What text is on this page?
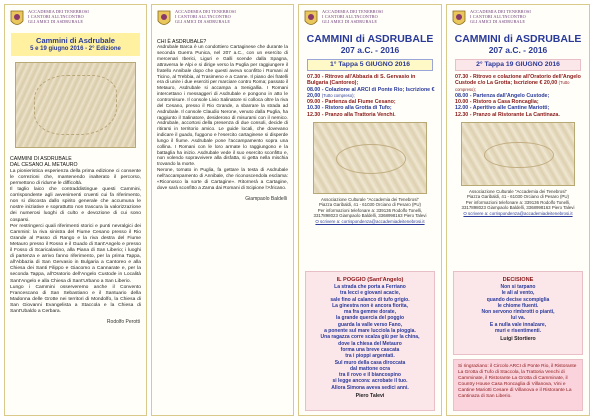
ACCADEMIA DEI TENEBROSI
I CANTORI ALL'INCONTRO
GLI AMICI DI ASDRUBALE
Cammini di Asdrubale
5 e 19 giugno 2016 - 2° Edizione
CAMMINI DI ASDRUBALE
DAL CESANO AL METAURO

La pionieristica esperienza della prima edizione ci consente le correzioni che, mantenendo inalterato il percorso, permettono di ridurne le difficoltà.

Il taglio laico che contraddistingue questi Cammini, corrispondente agli avvenimenti cruenti cui fa riferimento, non si discosta dallo spirito generale che accumuna le nostre iniziative e soprattutto non trascura la valorizzazione dei numerosi luoghi di culto e devozione di cui sono cosparsi.

Per restringerci quali riferimenti storici e punti nevralgici dei Cammini: la riva sinistra del Fiume Cesano presso il Rio Grande al Passo di Rango e la riva destra del Fiume Metauro presso il Rosso e il Guado di Sant'Angelo e presso il Fosso di Scaricalasino, alla Piana di San Liberio; i luoghi di partenza e arrivo fanno riferimento, per la prima Tappa, all'Abbazia di San Gervasio in Bulgaria a Cantoreo e alla Chiesa dei Santi Filippo e Giacomo a Cannarate e, per la seconda Tappa, all'Oratorio dell'Angelo Custode in Località Sant'Angelo e alla Chiesa di Sant'Urbano a San Liberio.

Lungo i Cammini osserveremo anche il Convento Francescano di San Sebastiano e il Santuario della Madonna delle Grotte nei territori di Mondolfo, la Chiesa di San Giovanni Evangelista a Staccola e la Chiesa di Sant'Ubaldo a Cerbara.

Rodolfo Perotti
ACCADEMIA DEI TENEBROSI
I CANTORI ALL'INCONTRO
GLI AMICI DI ASDRUBALE
CHI È ASDRUBALE?

Asdrubale Barca è un condottiero Cartaginese che durante la seconda Guerra Punica, nel 207 a.C., con un esercito di mercenari Iberici, Liguri e Galli scende dalla Spagna, attraversa le Alpi e si dirige verso la Puglia per raggiungere il fratello Annibale dopo che questi aveva sconfitto i Romani al Ticino, al Trebbia, al Trasimeno e a Canne. Il piano dei fratelli era di unire i due eserciti per marciare contro Roma; passato il Metauro, Asdrubale si accampa a Senigallia. I Romani intercettano i messaggeri di Asdrubale e pongono in atto le contromisure. Il console Livio Salinatore si colloca oltre la riva del Cesano, presso il Rio Grande, a sbarrare la strada ad Asdrubale. Il console Claudio Nerone, venuto dalla Puglia, ha raggiunto il Salinatore, desideroso di misurarsi con il nemico. Asdrubale, accortosi della presenza di due consoli, decide di ritirarsi in territorio amico. Le guide locali, che dovevano indicare il guado, fuggono e l'esercito cartaginese si disperde lungo il fiume. Asdrubale pone l'accampamento sopra una collina. I Romani con le loro armate lo raggiungono e la battaglia ha inizio. Asdrubale vede il suo esercito sconfitto e, non volendo sopravvivere alla disfatta, si getta nella mischia trovando la morte.

Nerone, tornato in Puglia, fa gettare la testa di Asdrubale nell'accampamento di Annibale, che riconoscendola esclama: «Riconosco la sorte di Cartagine». Ritornerà a Cartagine, dove sarà sconfitto a Zama dai Romani di Scipione l'Africano.

Giampaolo Baldelli
ACCADEMIA DEI TENEBROSI
I CANTORI ALL'INCONTRO
GLI AMICI DI ASDRUBALE
CAMMINI di ASDRUBALE
207 a.C. - 2016
1° Tappa 5 GIUGNO 2016
07.30 - Ritrovo all'Abbazia di S. Gervasio in Bulgaria (Cantoreo);
08.00 - Colazione al ARCI di Ponte Rio; Iscrizione € 20,00 (Tutto compreso);
09.00 - Partenza dal Fiume Cesano;
10.30 - Ristoro alla Grotta di Tufo;
12.30 - Pranzo alla Trattoria Venchi.
Associazione Culturale "Accademia dei Tenebrosi"
Piazza Garibaldi, 41 - 61030 Orciano di Pesaro (PU)
Per informazioni telefonare a: 339136 Rodolfo Tonelli, 3317898023 Giampaolo Baldelli, 3368998163 Piero Talevi
O scrivere a: corrispondenza@accademiadeitenebrosi.it
IL POGGIO (Sant'Angelo)
La strada che porta a Ferriano
tra lecci e giovani acacie,
sale fino al calanco di tufo grigio.
La ginestra non è ancora fiorita,
ma fra gemme dorate,
la grande quercia del poggio
guarda la valle verso Fano,
a ponente sul mare lucciola la pioggia.
Una ragazza corre scalza giù per la china,
dove la chiesa del Metauro
forma una breve cascata
tra i pioppi argentati.
Sul muro della casa diroccata
dal mattone ocra
tra il rovo e il biancospino
si legge ancora: acrobate il tuo.
Allora Simona aveva sedici anni.
Piero Talevi
ACCADEMIA DEI TENEBROSI
I CANTORI ALL'INCONTRO
GLI AMICI DI ASDRUBALE
CAMMINI di ASDRUBALE
207 a.C. - 2016
2° Tappa 19 GIUGNO 2016
07.30 - Ritrovo e colazione all'Oratorio dell'Angelo Custode c/o La Grotta; Iscrizione € 20,00 (Tutto compreso);
08.00 - Partenza dall'Angelo Custode;
10.00 - Ristoro a Casa Roncaglia;
12.00 - Aperitivo alle Cantine Mariotti;
12.30 - Pranzo al Ristorante La Cantinaza.
Associazione Culturale "Accademia dei Tenebrosi"
Piazza Garibaldi, 41 - 61030 Orciano di Pesaro (PU)
Per informazioni telefonare a: 339136 Rodolfo Tonelli, 3317898023 Giampaolo Baldelli, 3368998163 Piero Talevi
O scrivere a: corrispondenza@accademiadeitenebrosi.it
DECISIONE
Non si tarpano
le ali al vento,
quando decise scompiglia
le chiome fluenti.
Non servono rimbrotti o pianti,
lui va.
E a nulla vale innalzare,
muri e risentimenti.
Luigi Stortiero
Si ringraziano: il Circolo ARCI di Ponte Rio, il Ristorante La Grotta di Tufo di Staccola, la Trattoria Venchi di Camminate, il Ristorante La Grotta di Camminate, il Country House Casa Roncaglia di Villanova, Vini e Cantine Mariotti Cesare di Villanova e il Ristorante La Cantinaza di San Liberio.
